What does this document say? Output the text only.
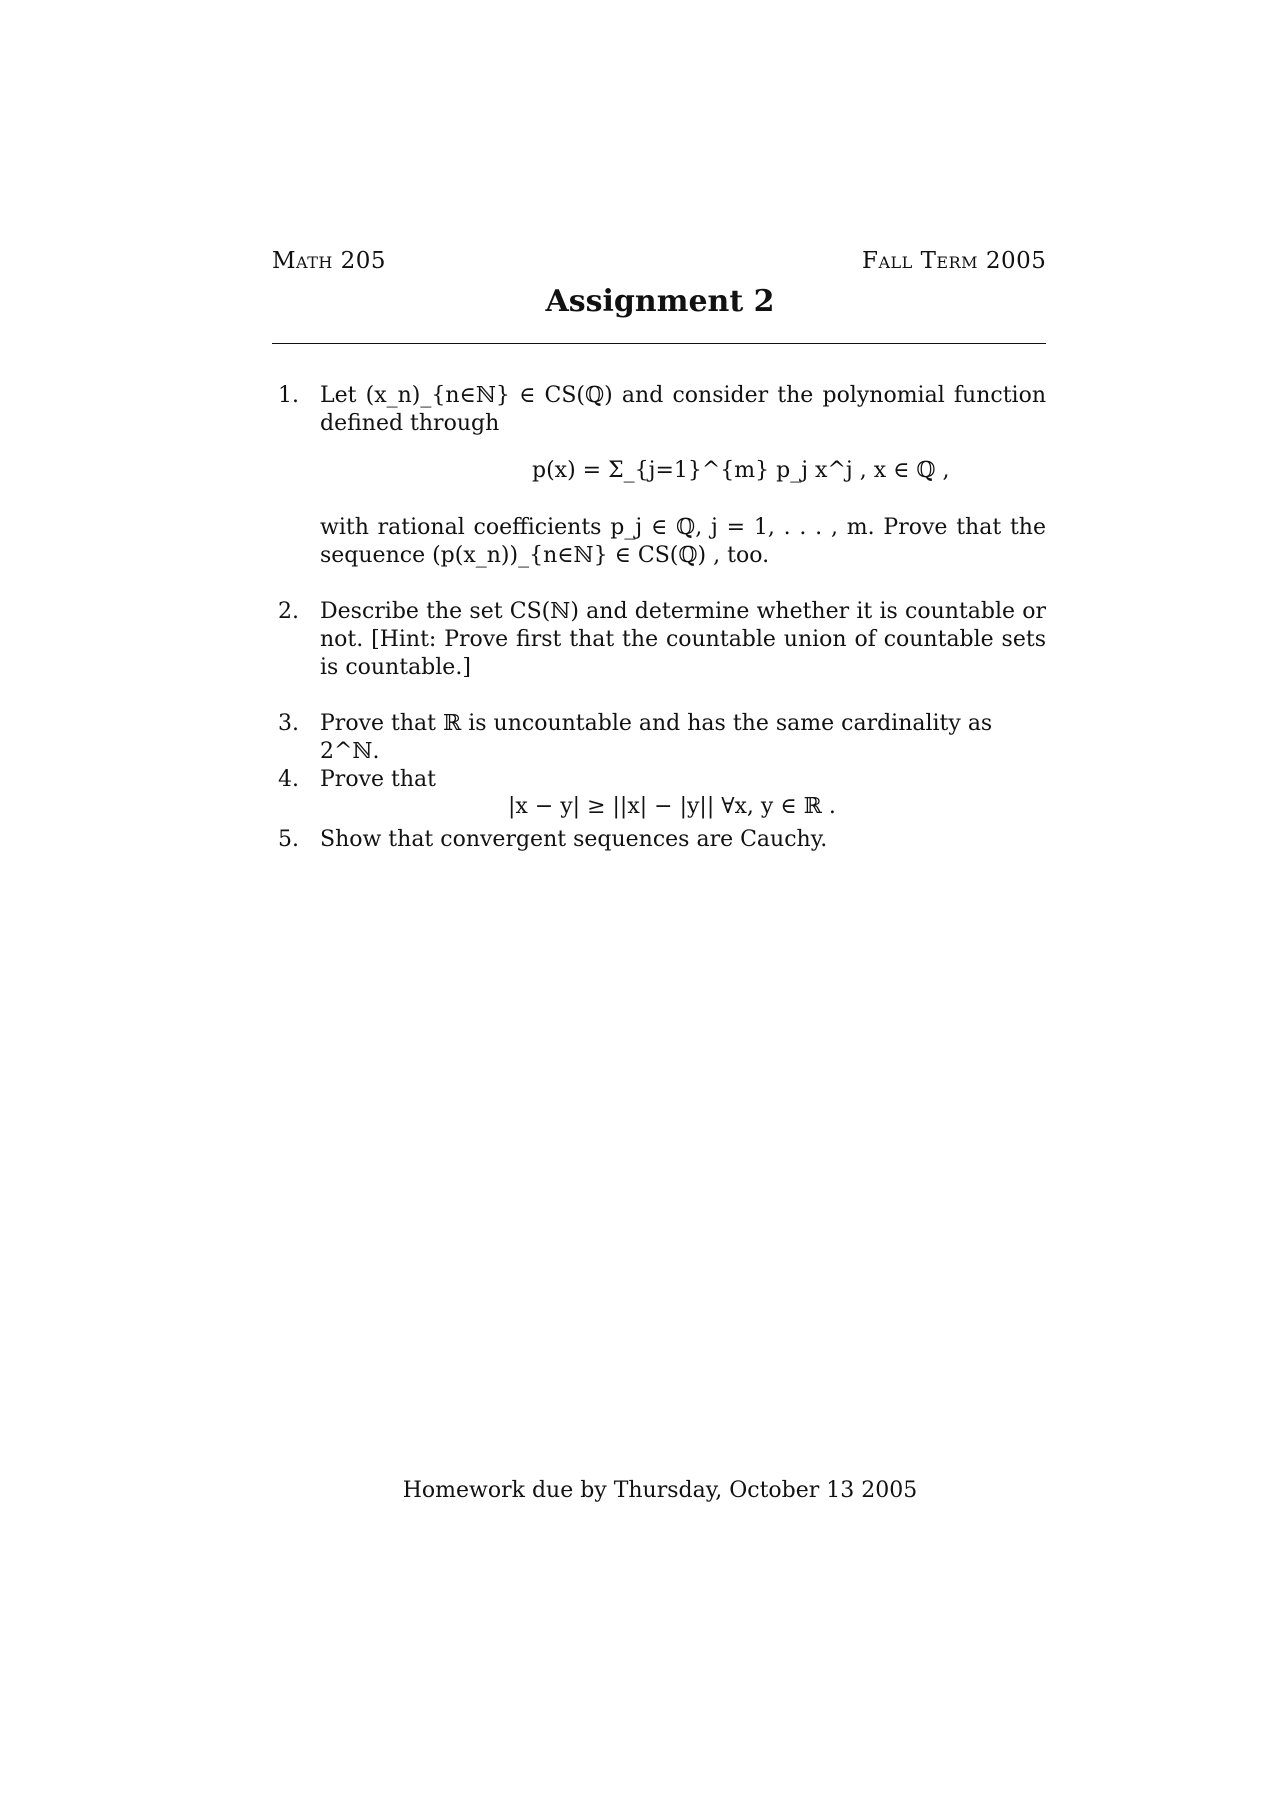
Math 205	Fall Term 2005
Assignment 2
1. Let (x_n)_{n∈ℕ} ∈ CS(ℚ) and consider the polynomial function defined through
p(x) = Σ_{j=1}^{m} p_j x^j , x ∈ ℚ ,
with rational coefficients p_j ∈ ℚ, j = 1, . . . , m. Prove that the sequence (p(x_n))_{n∈ℕ} ∈ CS(ℚ) , too.
2. Describe the set CS(ℕ) and determine whether it is countable or not. [Hint: Prove first that the countable union of countable sets is countable.]
3. Prove that ℝ is uncountable and has the same cardinality as 2^ℕ.
4. Prove that
|x − y| ≥ ||x| − |y|| ∀x, y ∈ ℝ .
5. Show that convergent sequences are Cauchy.
Homework due by Thursday, October 13 2005
